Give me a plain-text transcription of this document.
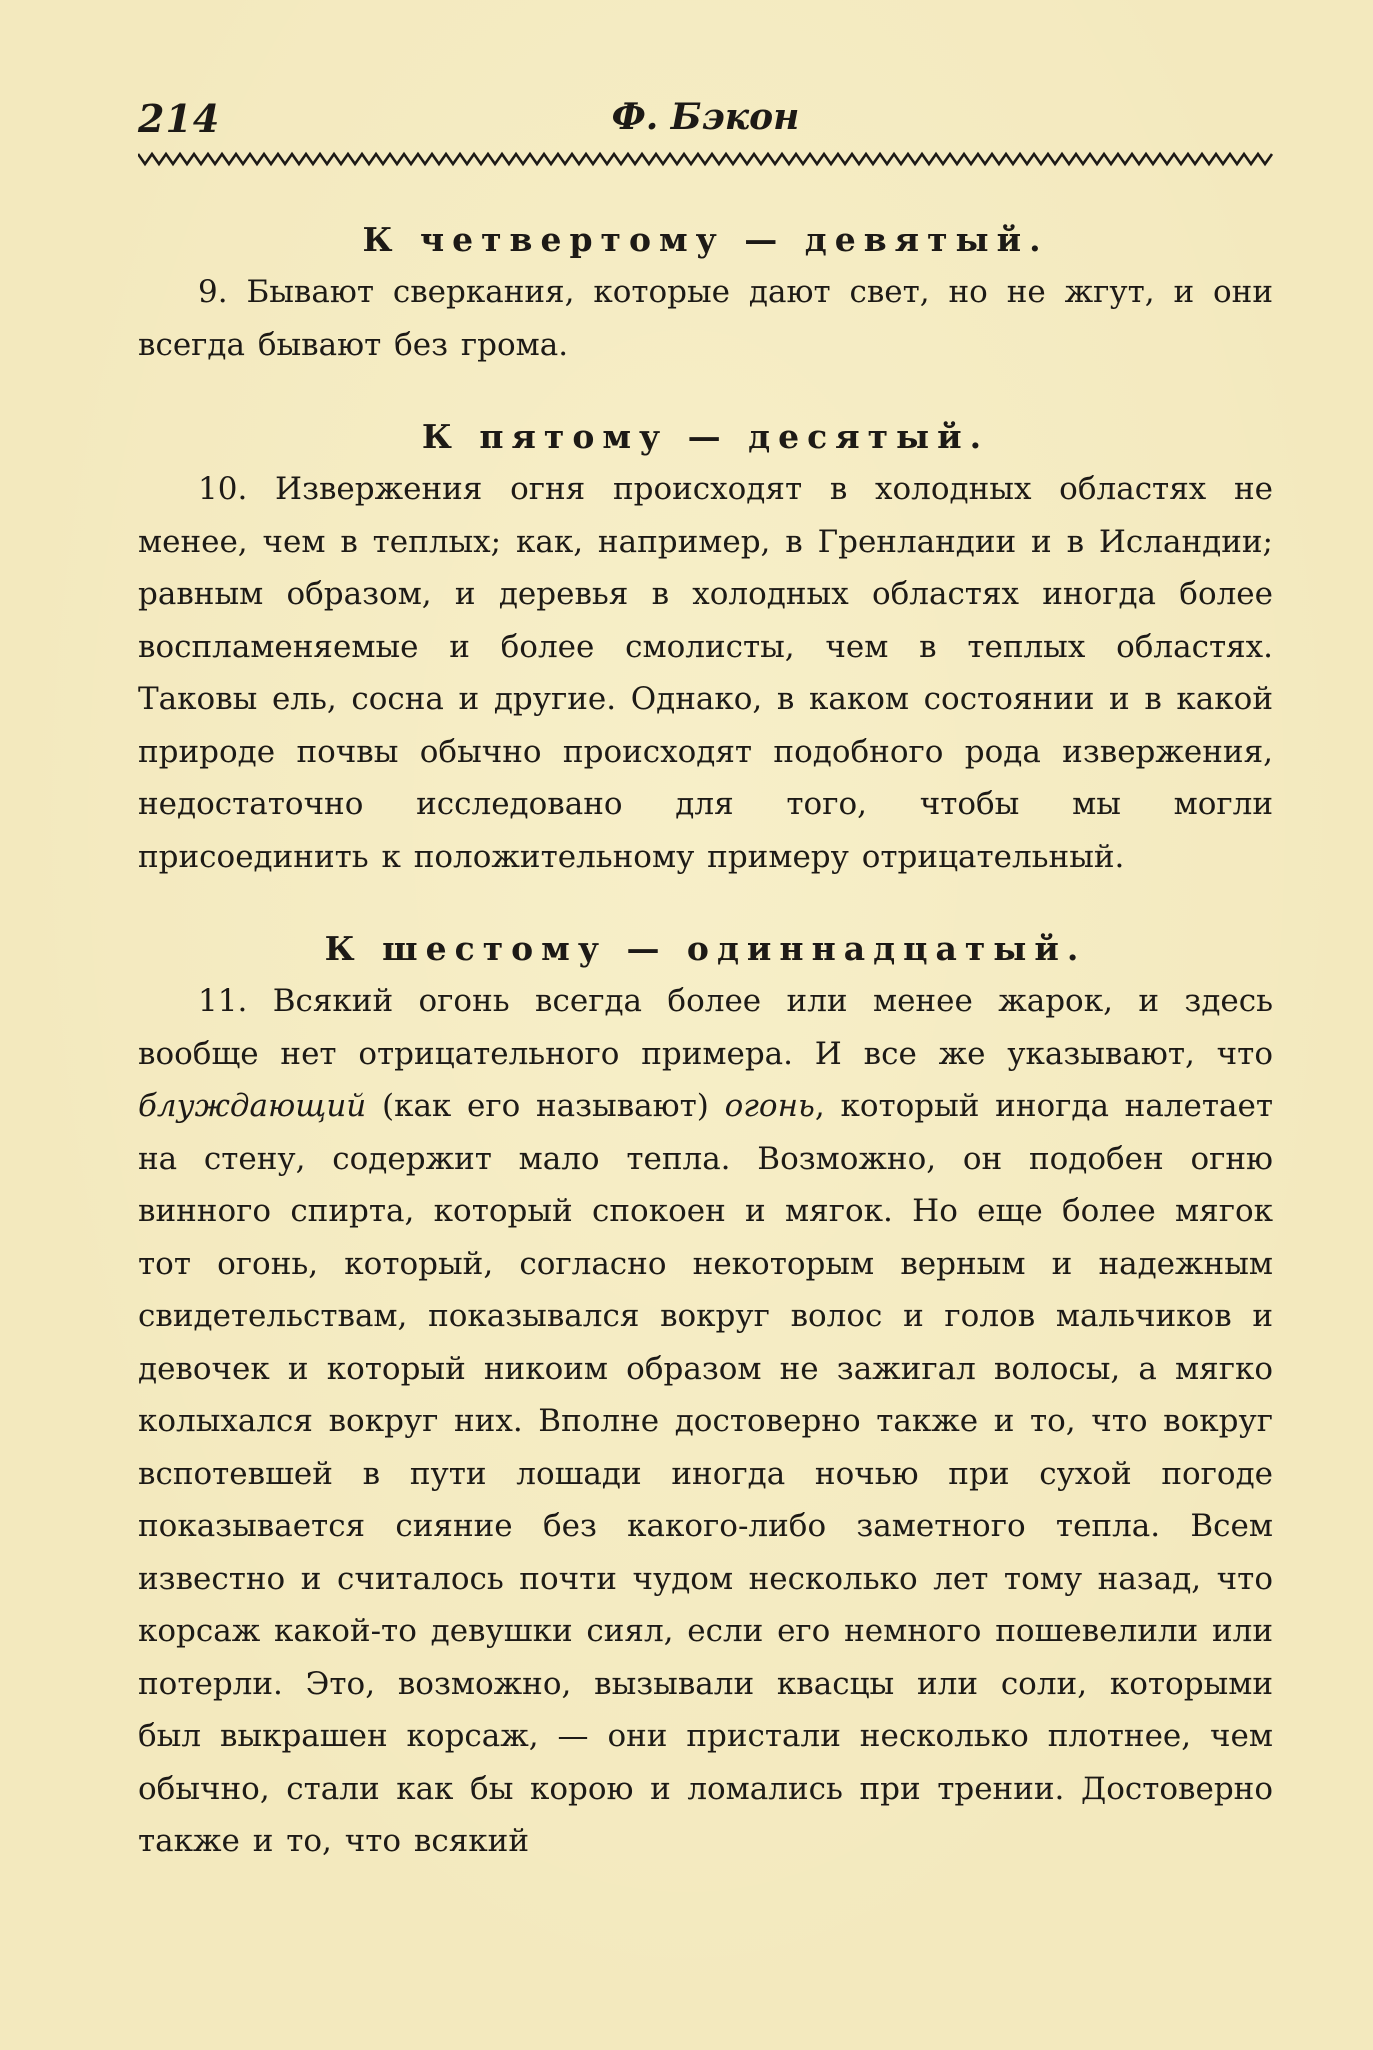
214	Ф. Бэкон
К четвертому — девятый.

9. Бывают сверкания, которые дают свет, но не жгут, и они всегда бывают без грома.

К пятому — десятый.

10. Извержения огня происходят в холодных областях не менее, чем в теплых; как, например, в Гренландии и в Исландии; равным образом, и деревья в холодных областях иногда более воспламеняемые и более смолисты, чем в теплых областях. Таковы ель, сосна и другие. Однако, в каком состоянии и в какой природе почвы обычно происходят подобного рода извержения, недостаточно исследовано для того, чтобы мы могли присоединить к положительному примеру отрицательный.

К шестому — одиннадцатый.

11. Всякий огонь всегда более или менее жарок, и здесь вообще нет отрицательного примера. И все же указывают, что блуждающий (как его называют) огонь, который иногда налетает на стену, содержит мало тепла. Возможно, он подобен огню винного спирта, который спокоен и мягок. Но еще более мягок тот огонь, который, согласно некоторым верным и надежным свидетельствам, показывался вокруг волос и голов мальчиков и девочек и который никоим образом не зажигал волосы, а мягко колыхался вокруг них. Вполне достоверно также и то, что вокруг вспотевшей в пути лошади иногда ночью при сухой погоде показывается сияние без какого-либо заметного тепла. Всем известно и считалось почти чудом несколько лет тому назад, что корсаж какой-то девушки сиял, если его немного пошевелили или потерли. Это, возможно, вызывали квасцы или соли, которыми был выкрашен корсаж, — они пристали несколько плотнее, чем обычно, стали как бы корою и ломались при трении. Достоверно также и то, что всякий
